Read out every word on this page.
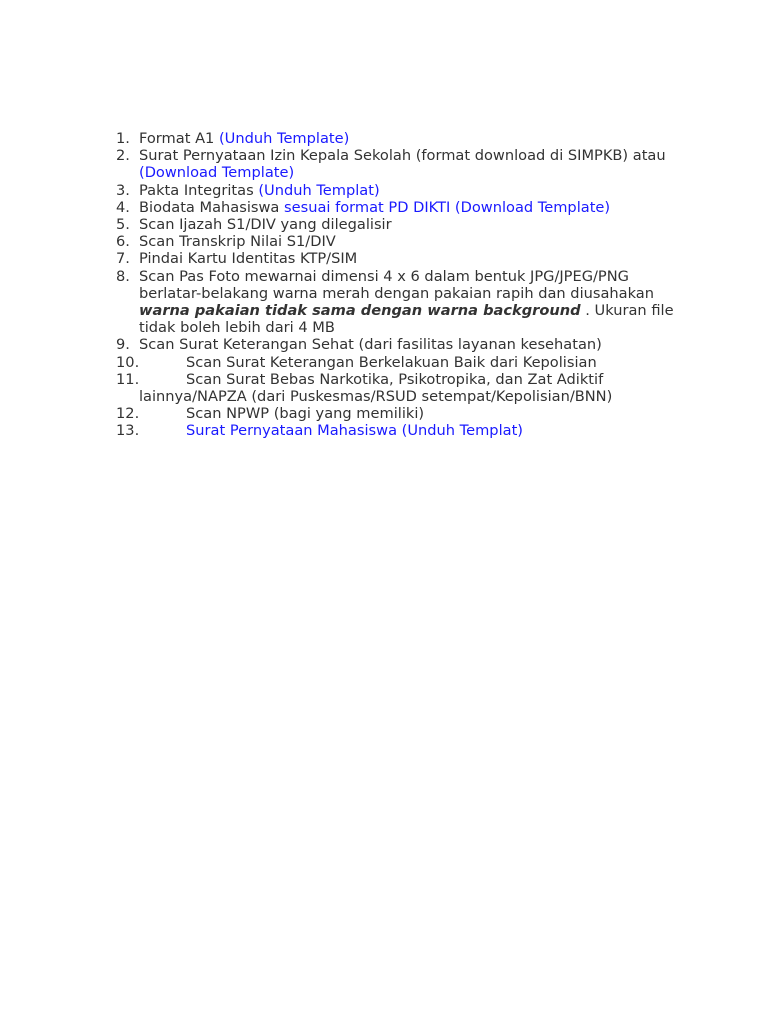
1. Format A1 (Unduh Template)
2. Surat Pernyataan Izin Kepala Sekolah (format download di SIMPKB) atau (Download Template)
3. Pakta Integritas (Unduh Templat)
4. Biodata Mahasiswa sesuai format PD DIKTI (Download Template)
5. Scan Ijazah S1/DIV yang dilegalisir
6. Scan Transkrip Nilai S1/DIV
7. Pindai Kartu Identitas KTP/SIM
8. Scan Pas Foto mewarnai dimensi 4 x 6 dalam bentuk JPG/JPEG/PNG berlatar-belakang warna merah dengan pakaian rapih dan diusahakan warna pakaian tidak sama dengan warna background . Ukuran file tidak boleh lebih dari 4 MB
9. Scan Surat Keterangan Sehat (dari fasilitas layanan kesehatan)
10.	Scan Surat Keterangan Berkelakuan Baik dari Kepolisian
11.	Scan Surat Bebas Narkotika, Psikotropika, dan Zat Adiktif lainnya/NAPZA (dari Puskesmas/RSUD setempat/Kepolisian/BNN)
12.	Scan NPWP (bagi yang memiliki)
13.	Surat Pernyataan Mahasiswa (Unduh Templat)
